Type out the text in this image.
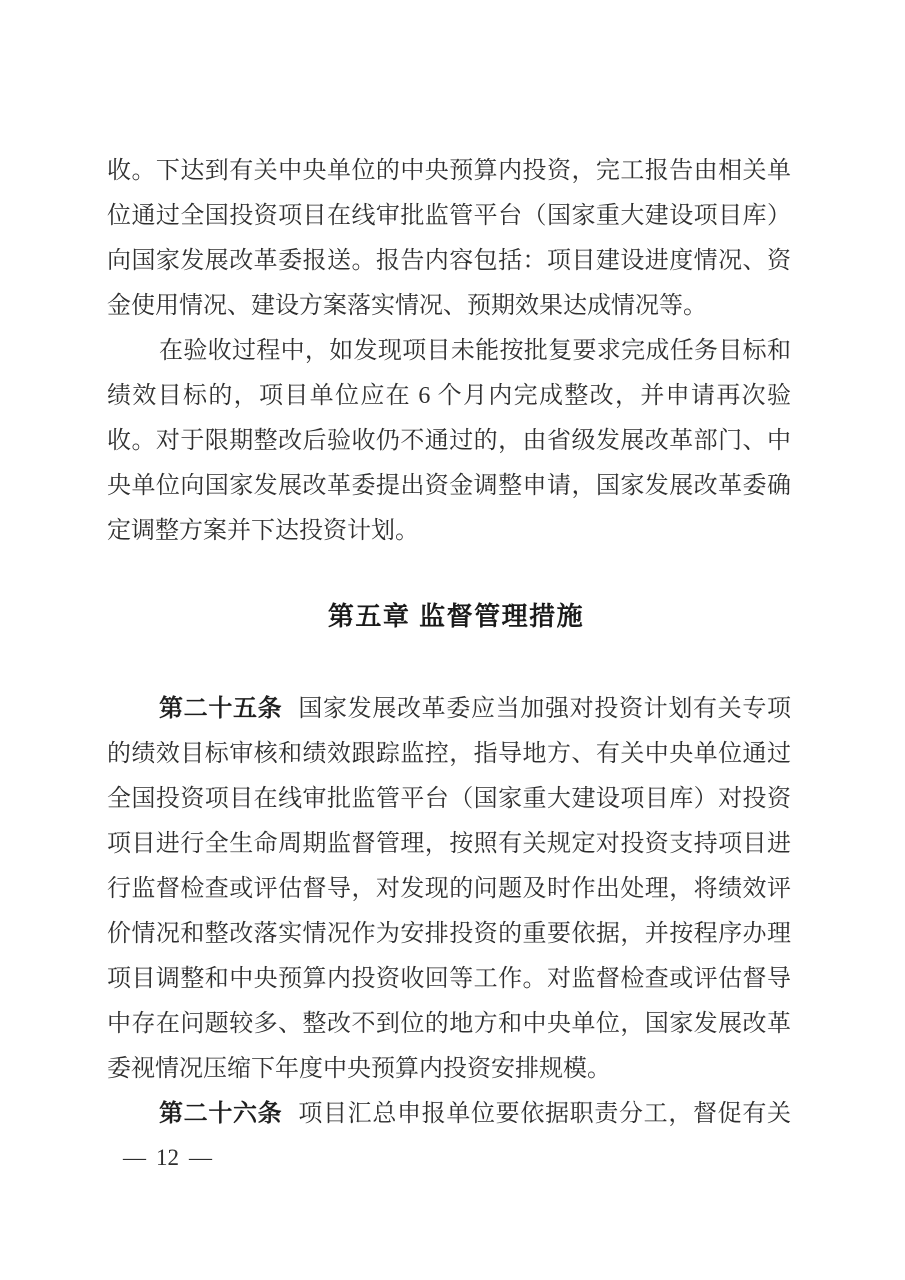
收。下达到有关中央单位的中央预算内投资，完工报告由相关单
位通过全国投资项目在线审批监管平台（国家重大建设项目库）
向国家发展改革委报送。报告内容包括：项目建设进度情况、资
金使用情况、建设方案落实情况、预期效果达成情况等。
在验收过程中，如发现项目未能按批复要求完成任务目标和
绩效目标的，项目单位应在 6 个月内完成整改，并申请再次验
收。对于限期整改后验收仍不通过的，由省级发展改革部门、中
央单位向国家发展改革委提出资金调整申请，国家发展改革委确
定调整方案并下达投资计划。
第五章 监督管理措施
第二十五条 国家发展改革委应当加强对投资计划有关专项
的绩效目标审核和绩效跟踪监控，指导地方、有关中央单位通过
全国投资项目在线审批监管平台（国家重大建设项目库）对投资
项目进行全生命周期监督管理，按照有关规定对投资支持项目进
行监督检查或评估督导，对发现的问题及时作出处理，将绩效评
价情况和整改落实情况作为安排投资的重要依据，并按程序办理
项目调整和中央预算内投资收回等工作。对监督检查或评估督导
中存在问题较多、整改不到位的地方和中央单位，国家发展改革
委视情况压缩下年度中央预算内投资安排规模。
第二十六条 项目汇总申报单位要依据职责分工，督促有关
— 12 —
